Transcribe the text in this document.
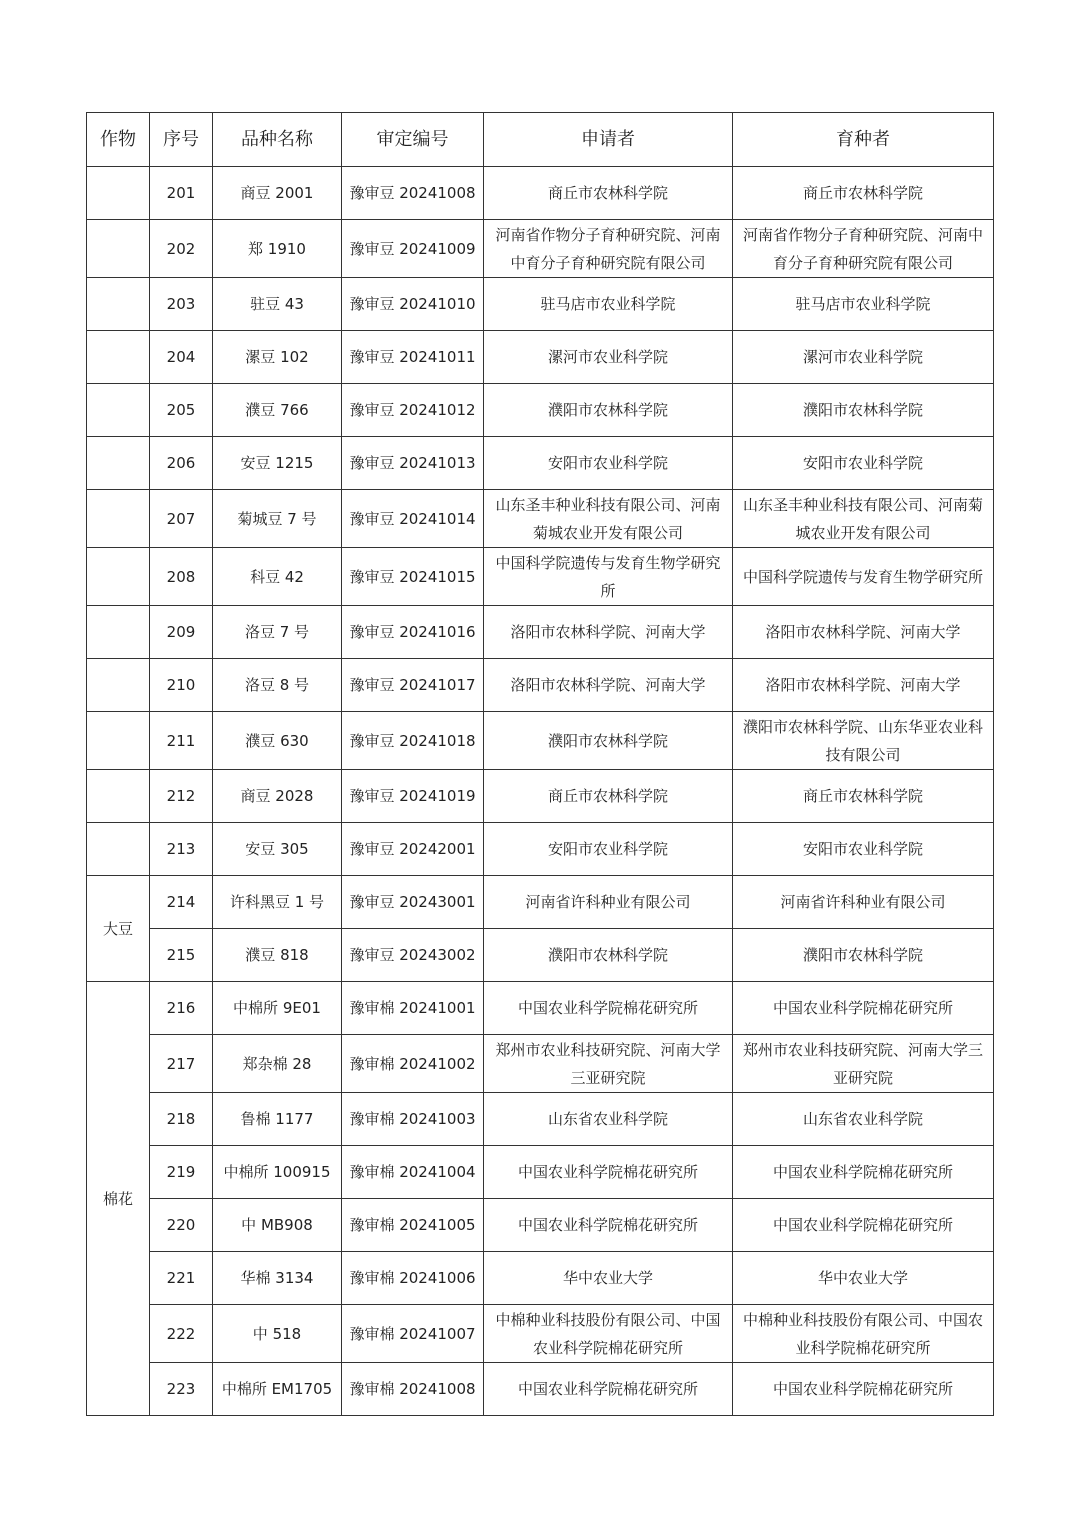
作物	序号	品种名称	审定编号	申请者	育种者
	201	商豆 2001	豫审豆 20241008	商丘市农林科学院	商丘市农林科学院
	202	郑 1910	豫审豆 20241009	河南省作物分子育种研究院、河南中育分子育种研究院有限公司	河南省作物分子育种研究院、河南中育分子育种研究院有限公司
	203	驻豆 43	豫审豆 20241010	驻马店市农业科学院	驻马店市农业科学院
	204	漯豆 102	豫审豆 20241011	漯河市农业科学院	漯河市农业科学院
	205	濮豆 766	豫审豆 20241012	濮阳市农林科学院	濮阳市农林科学院
	206	安豆 1215	豫审豆 20241013	安阳市农业科学院	安阳市农业科学院
	207	菊城豆 7 号	豫审豆 20241014	山东圣丰种业科技有限公司、河南菊城农业开发有限公司	山东圣丰种业科技有限公司、河南菊城农业开发有限公司
	208	科豆 42	豫审豆 20241015	中国科学院遗传与发育生物学研究所	中国科学院遗传与发育生物学研究所
	209	洛豆 7 号	豫审豆 20241016	洛阳市农林科学院、河南大学	洛阳市农林科学院、河南大学
	210	洛豆 8 号	豫审豆 20241017	洛阳市农林科学院、河南大学	洛阳市农林科学院、河南大学
	211	濮豆 630	豫审豆 20241018	濮阳市农林科学院	濮阳市农林科学院、山东华亚农业科技有限公司
	212	商豆 2028	豫审豆 20241019	商丘市农林科学院	商丘市农林科学院
	213	安豆 305	豫审豆 20242001	安阳市农业科学院	安阳市农业科学院
大豆	214	许科黑豆 1 号	豫审豆 20243001	河南省许科种业有限公司	河南省许科种业有限公司
	215	濮豆 818	豫审豆 20243002	濮阳市农林科学院	濮阳市农林科学院
棉花	216	中棉所 9E01	豫审棉 20241001	中国农业科学院棉花研究所	中国农业科学院棉花研究所
	217	郑杂棉 28	豫审棉 20241002	郑州市农业科技研究院、河南大学三亚研究院	郑州市农业科技研究院、河南大学三亚研究院
	218	鲁棉 1177	豫审棉 20241003	山东省农业科学院	山东省农业科学院
	219	中棉所 100915	豫审棉 20241004	中国农业科学院棉花研究所	中国农业科学院棉花研究所
	220	中 MB908	豫审棉 20241005	中国农业科学院棉花研究所	中国农业科学院棉花研究所
	221	华棉 3134	豫审棉 20241006	华中农业大学	华中农业大学
	222	中 518	豫审棉 20241007	中棉种业科技股份有限公司、中国农业科学院棉花研究所	中棉种业科技股份有限公司、中国农业科学院棉花研究所
	223	中棉所 EM1705	豫审棉 20241008	中国农业科学院棉花研究所	中国农业科学院棉花研究所
